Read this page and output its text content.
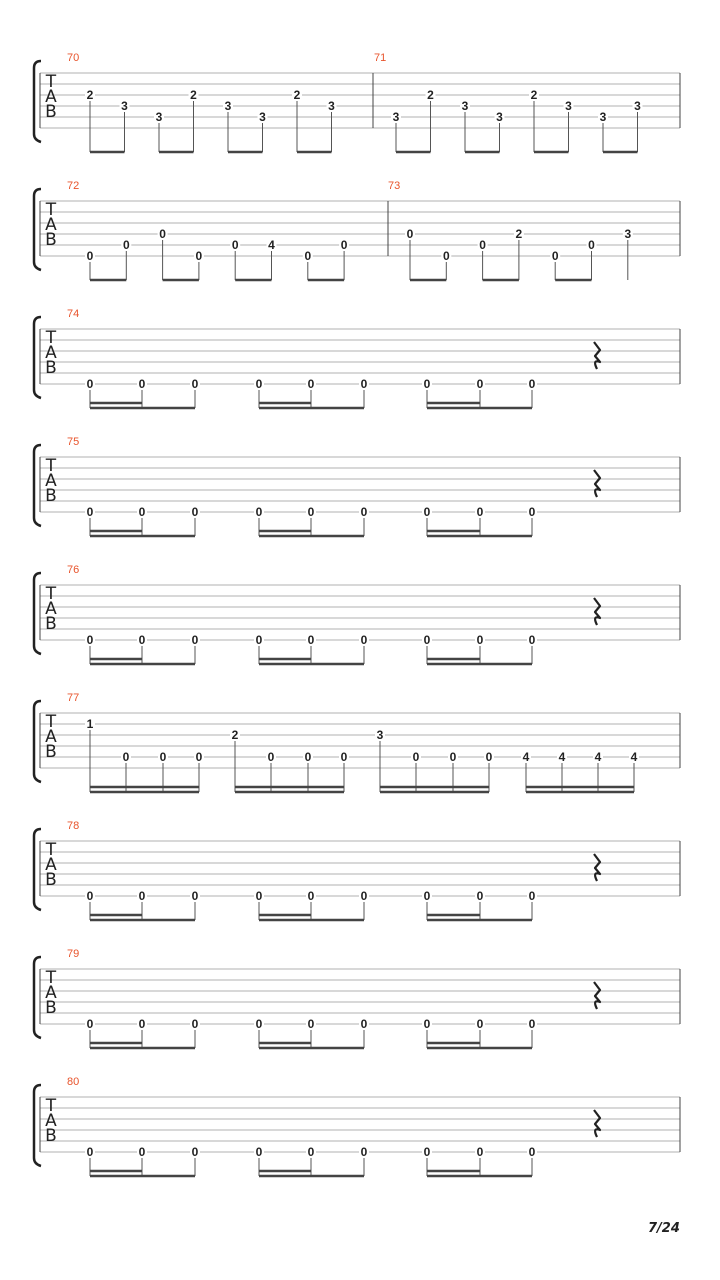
T
A
B
70
2
3
3
2
3
3
2
3
71
3
2
3
3
2
3
3
3
T
A
B
72
0
0
0
0
0 4
0
0
73
0
0
0
2
0
0
3
T
A
B
74
0	0	0	0	0	0	0	0	0
T
A
B
75
0	0	0	0	0	0	0	0	0
T
A
B
76
0	0	0	0	0	0	0	0	0
T
A
B
77
1
0	0 0
2
0	0 0
3
0	0 0	4 4 4 4
T
A
B
78
0	0	0	0	0	0	0	0	0
T
A
B
79
0	0	0	0	0	0	0	0	0
T
A
B
80
0	0	0	0	0	0	0	0	0
7/24
